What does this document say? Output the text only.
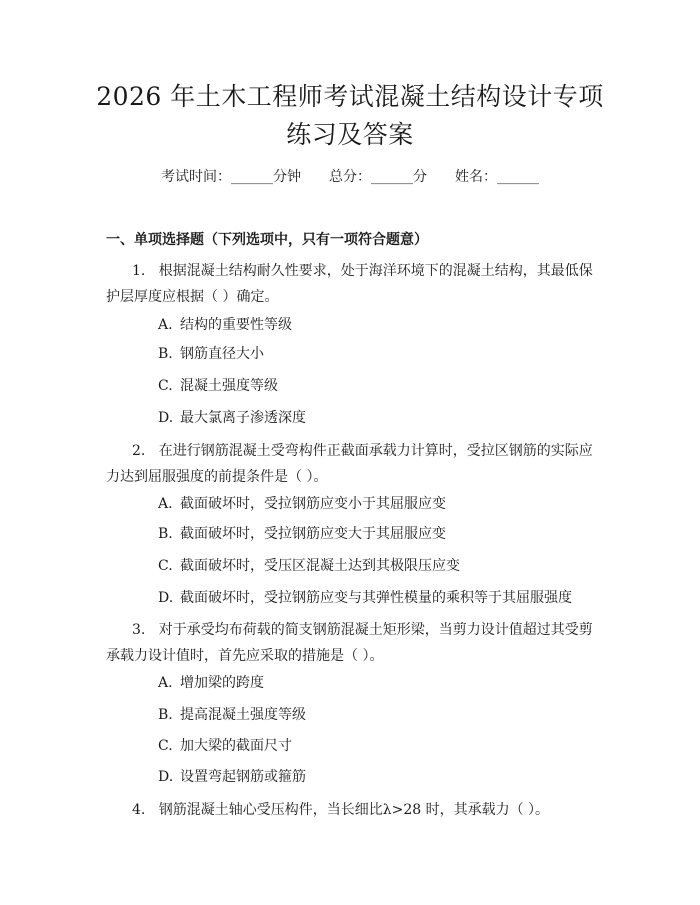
2026 年土木工程师考试混凝土结构设计专项
练习及答案
考试时间：______分钟 总分：______分 姓名：______
一、单项选择题（下列选项中，只有一项符合题意）
1. 根据混凝土结构耐久性要求，处于海洋环境下的混凝土结构，其最低保护层厚度应根据（ ）确定。
A. 结构的重要性等级
B. 钢筋直径大小
C. 混凝土强度等级
D. 最大氯离子渗透深度
2. 在进行钢筋混凝土受弯构件正截面承载力计算时，受拉区钢筋的实际应力达到屈服强度的前提条件是（ ）。
A. 截面破坏时，受拉钢筋应变小于其屈服应变
B. 截面破坏时，受拉钢筋应变大于其屈服应变
C. 截面破坏时，受压区混凝土达到其极限压应变
D. 截面破坏时，受拉钢筋应变与其弹性模量的乘积等于其屈服强度
3. 对于承受均布荷载的简支钢筋混凝土矩形梁，当剪力设计值超过其受剪承载力设计值时，首先应采取的措施是（ ）。
A. 增加梁的跨度
B. 提高混凝土强度等级
C. 加大梁的截面尺寸
D. 设置弯起钢筋或箍筋
4. 钢筋混凝土轴心受压构件，当长细比λ>28 时，其承载力（ ）。
